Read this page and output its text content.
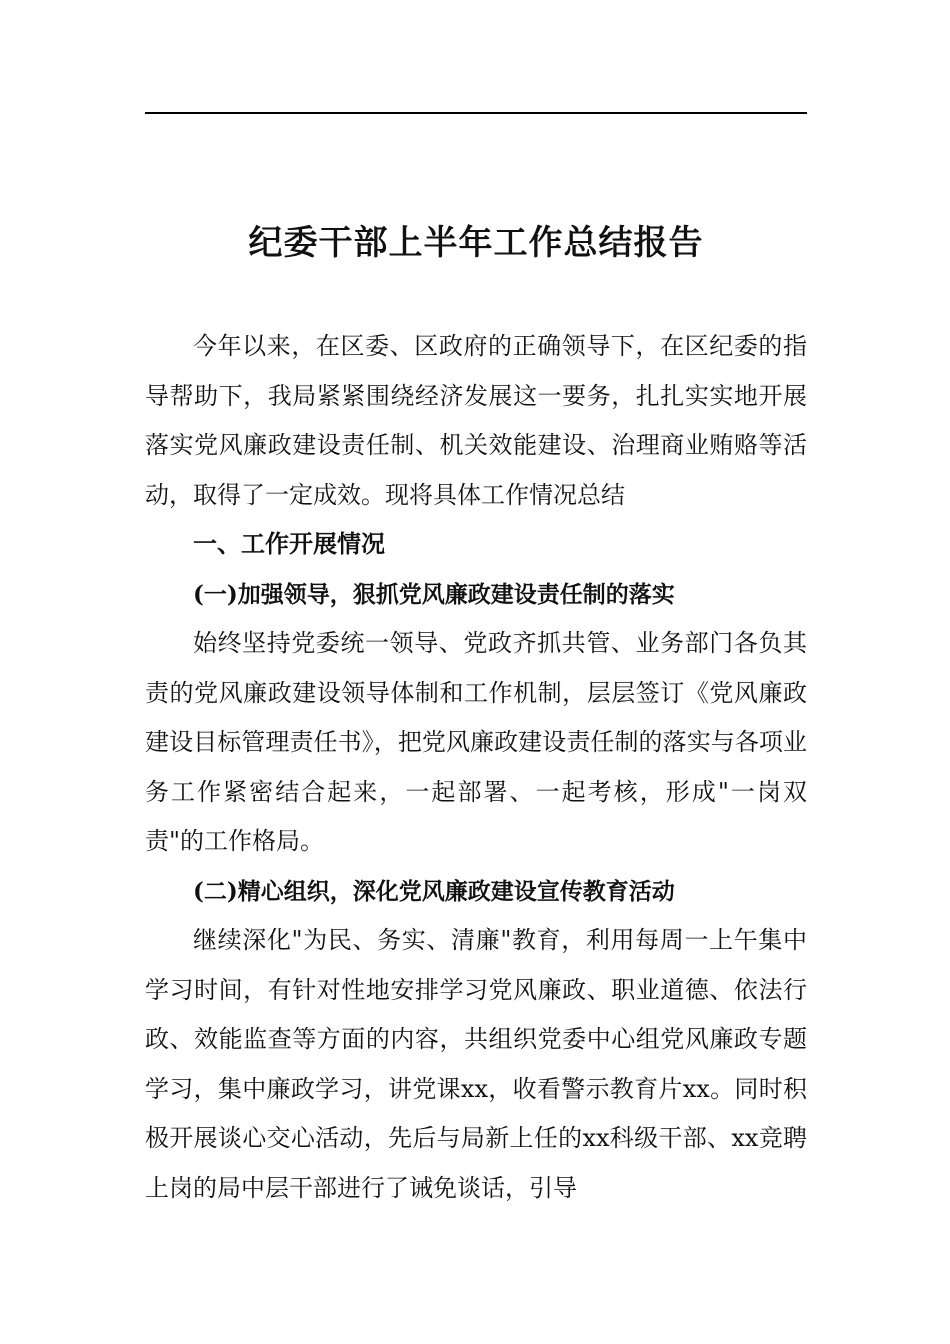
纪委干部上半年工作总结报告

今年以来，在区委、区政府的正确领导下，在区纪委的指导帮助下，我局紧紧围绕经济发展这一要务，扎扎实实地开展落实党风廉政建设责任制、机关效能建设、治理商业贿赂等活动，取得了一定成效。现将具体工作情况总结

一、工作开展情况

(一)加强领导，狠抓党风廉政建设责任制的落实

始终坚持党委统一领导、党政齐抓共管、业务部门各负其责的党风廉政建设领导体制和工作机制，层层签订《党风廉政建设目标管理责任书》，把党风廉政建设责任制的落实与各项业务工作紧密结合起来，一起部署、一起考核，形成"一岗双责"的工作格局。

(二)精心组织，深化党风廉政建设宣传教育活动

继续深化"为民、务实、清廉"教育，利用每周一上午集中学习时间，有针对性地安排学习党风廉政、职业道德、依法行政、效能监查等方面的内容，共组织党委中心组党风廉政专题学习，集中廉政学习，讲党课xx，收看警示教育片xx。同时积极开展谈心交心活动，先后与局新上任的xx科级干部、xx竞聘上岗的局中层干部进行了诫免谈话，引导
